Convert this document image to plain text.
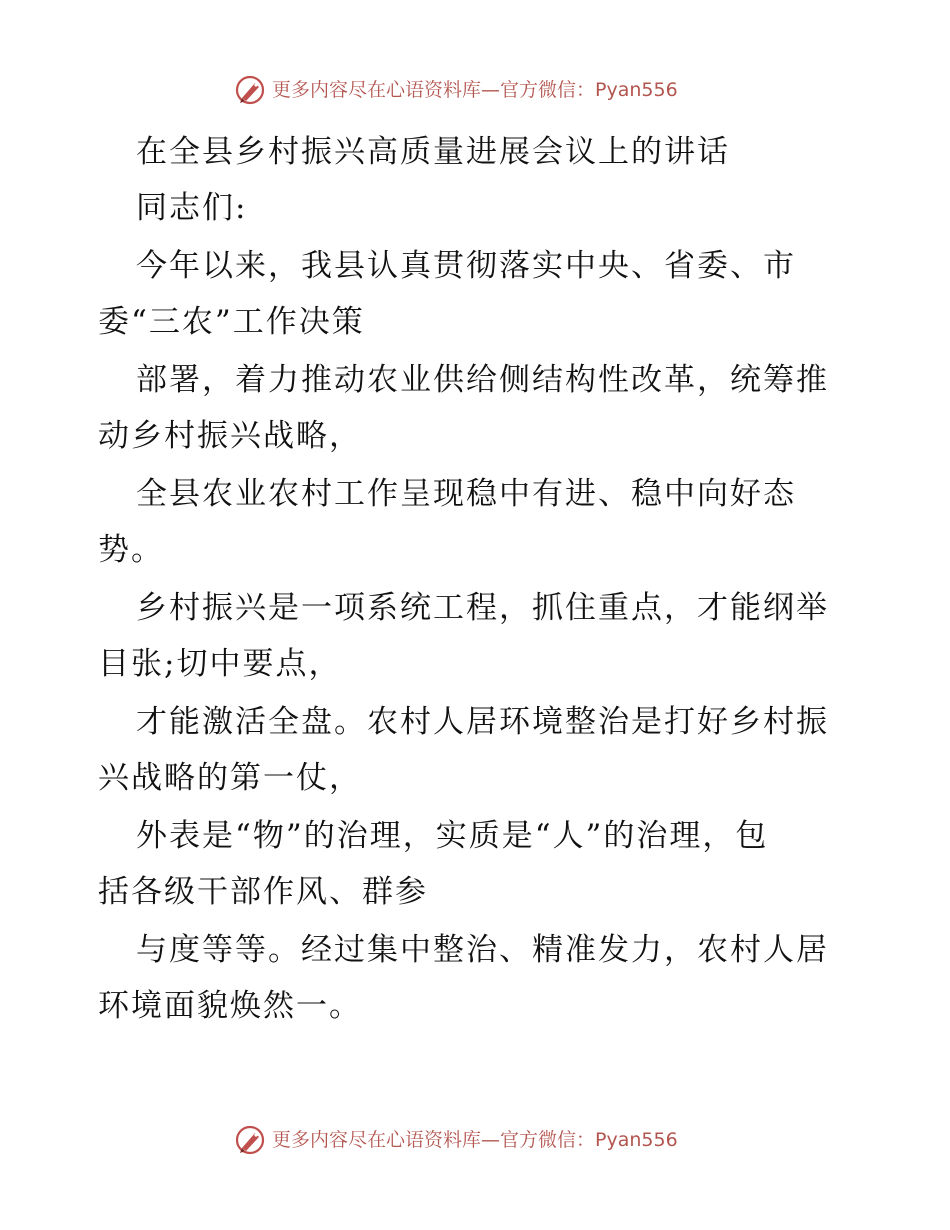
更多内容尽在心语资料库—官方微信：Pyan556
在全县乡村振兴高质量进展会议上的讲话
同志们:
今年以来，我县认真贯彻落实中央、省委、市
委“三农”工作决策
部署，着力推动农业供给侧结构性改革，统筹推
动乡村振兴战略，
全县农业农村工作呈现稳中有进、稳中向好态
势。
乡村振兴是一项系统工程，抓住重点，才能纲举
目张;切中要点，
才能激活全盘。农村人居环境整治是打好乡村振
兴战略的第一仗，
外表是“物”的治理，实质是“人”的治理，包
括各级干部作风、群参
与度等等。经过集中整治、精准发力，农村人居
环境面貌焕然一。
更多内容尽在心语资料库—官方微信：Pyan556
